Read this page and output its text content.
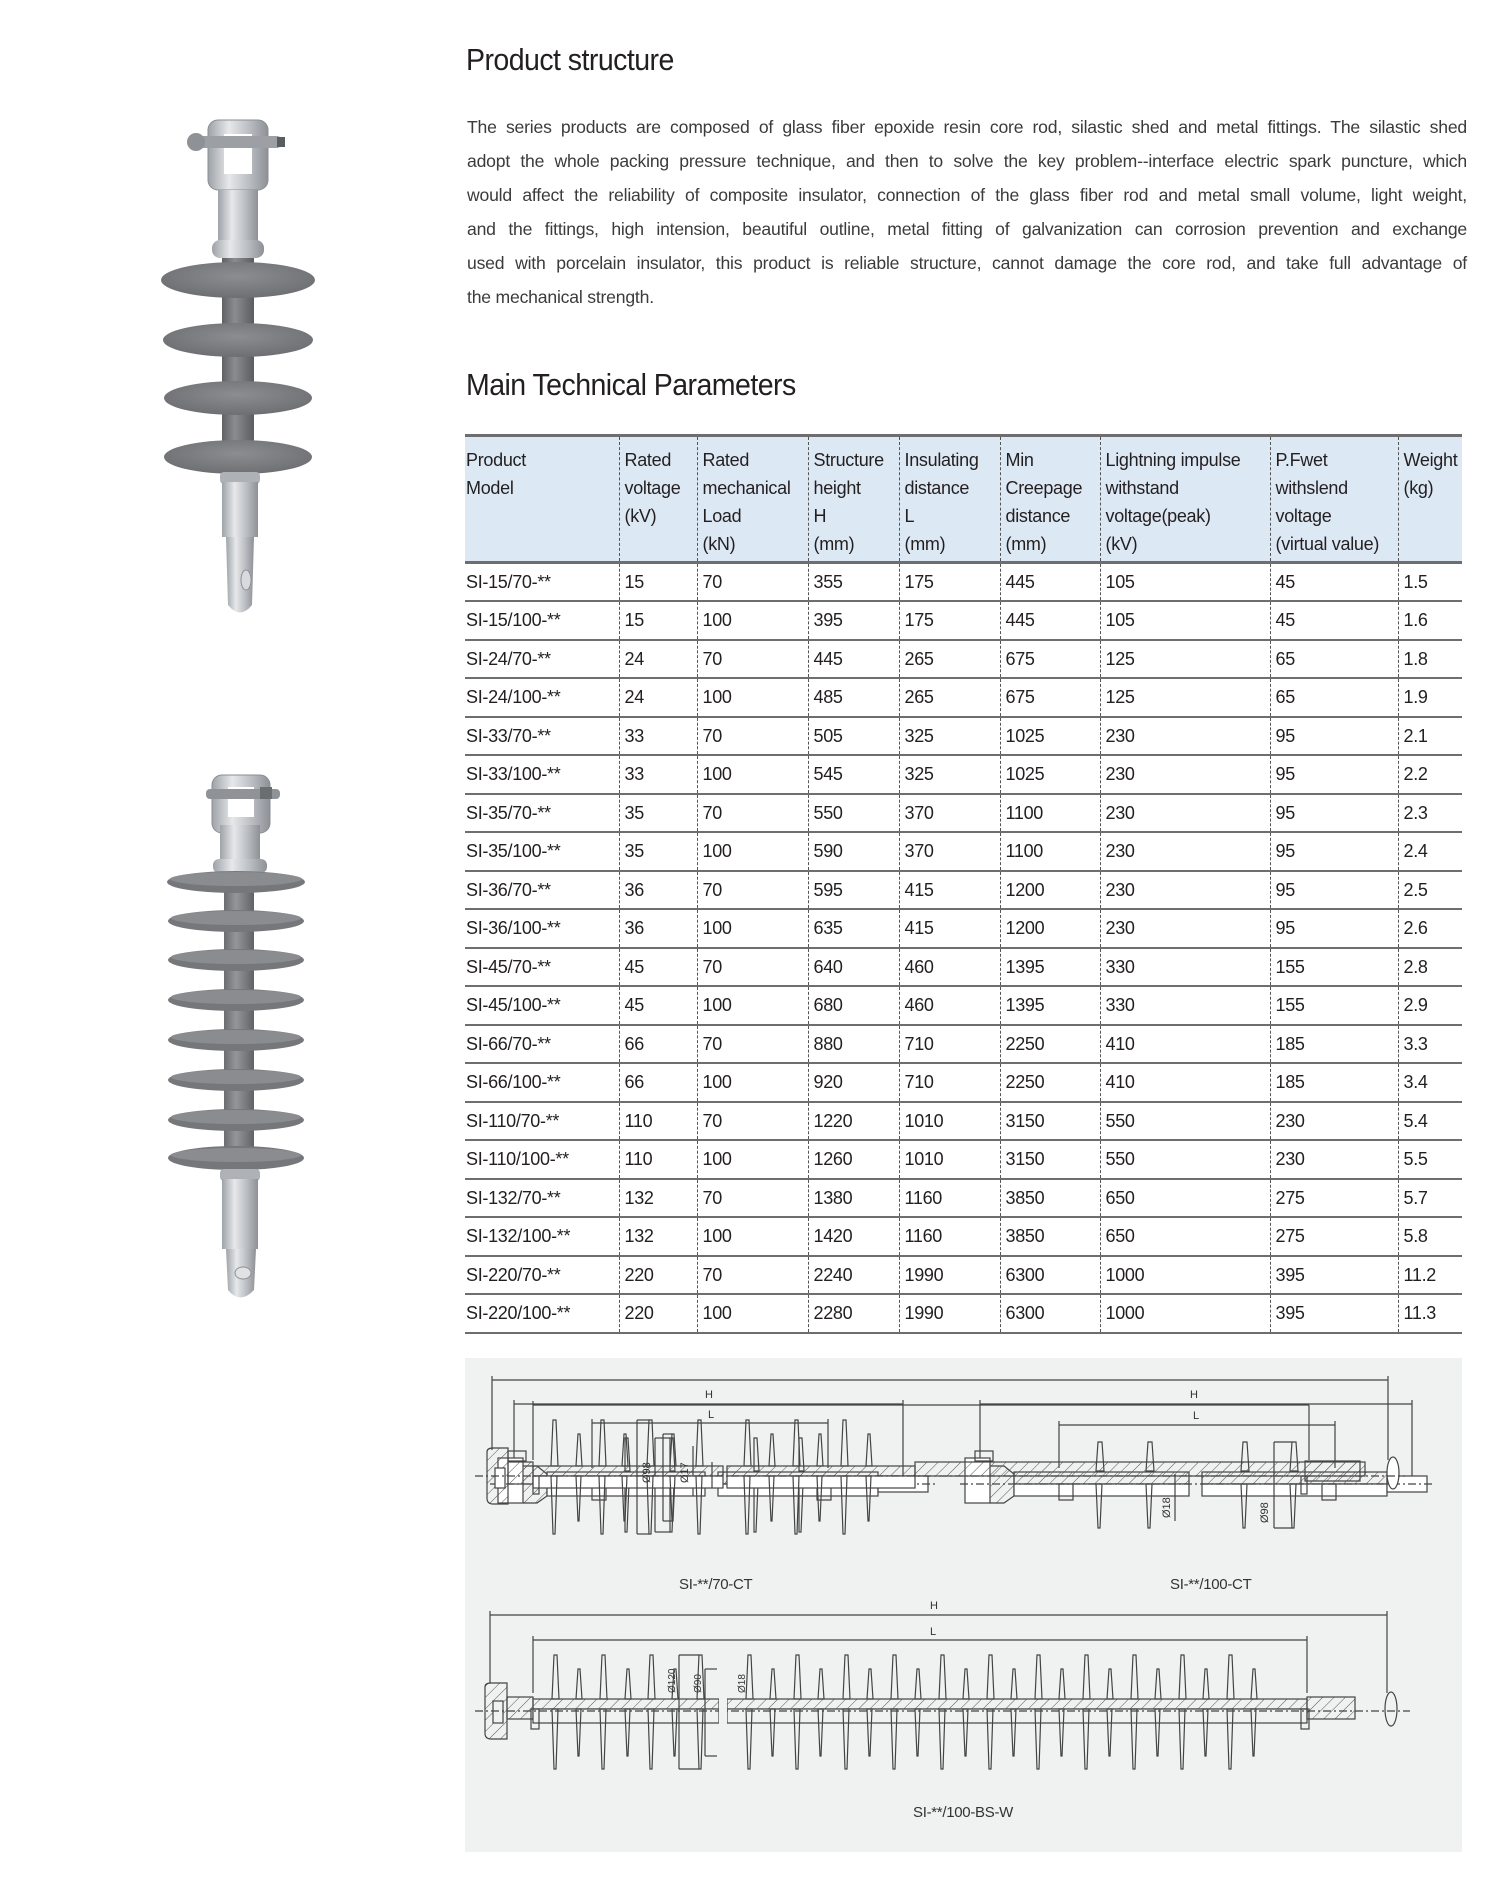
Product structure
The series products are composed of glass fiber epoxide resin core rod, silastic shed and metal fittings. The silastic shed
adopt the whole packing pressure technique, and then to solve the key problem--interface electric spark puncture, which
would affect the reliability of composite insulator, connection of the glass fiber rod and metal small volume, light weight,
and the fittings, high intension, beautiful outline, metal fitting of galvanization can corrosion prevention and exchange
used with porcelain insulator, this product is reliable structure, cannot damage the core rod, and take full advantage of
the mechanical strength.
Main Technical Parameters
Product
Model

Rated
voltage
(kV)

Rated
mechanical
Load
(kN)

Structure
height
H
(mm)

Insulating
distance
L
(mm)

Min
Creepage
distance
(mm)

Lightning impulse
withstand
voltage(peak)
(kV)

P.Fwet
withslend
voltage
(virtual value)

Weight
(kg)

SI-15/70-**	15	70	355	175	445	105	45	1.5
SI-15/100-**	15	100	395	175	445	105	45	1.6
SI-24/70-**	24	70	445	265	675	125	65	1.8
SI-24/100-**	24	100	485	265	675	125	65	1.9
SI-33/70-**	33	70	505	325	1025	230	95	2.1
SI-33/100-**	33	100	545	325	1025	230	95	2.2
SI-35/70-**	35	70	550	370	1100	230	95	2.3
SI-35/100-**	35	100	590	370	1100	230	95	2.4
SI-36/70-**	36	70	595	415	1200	230	95	2.5
SI-36/100-**	36	100	635	415	1200	230	95	2.6
SI-45/70-**	45	70	640	460	1395	330	155	2.8
SI-45/100-**	45	100	680	460	1395	330	155	2.9
SI-66/70-**	66	70	880	710	2250	410	185	3.3
SI-66/100-**	66	100	920	710	2250	410	185	3.4
SI-110/70-**	110	70	1220	1010	3150	550	230	5.4
SI-110/100-**	110	100	1260	1010	3150	550	230	5.5
SI-132/70-**	132	70	1380	1160	3850	650	275	5.7
SI-132/100-**	132	100	1420	1160	3850	650	275	5.8
SI-220/70-**	220	70	2240	1990	6300	1000	395	11.2
SI-220/100-**	220	100	2280	1990	6300	1000	395	11.3
H
L
Ø98 Ø17
H
L
Ø18	Ø98
H
L
Ø120 Ø90	Ø18
SI-**/70-CT	SI-**/100-CT
SI-**/100-BS-W
